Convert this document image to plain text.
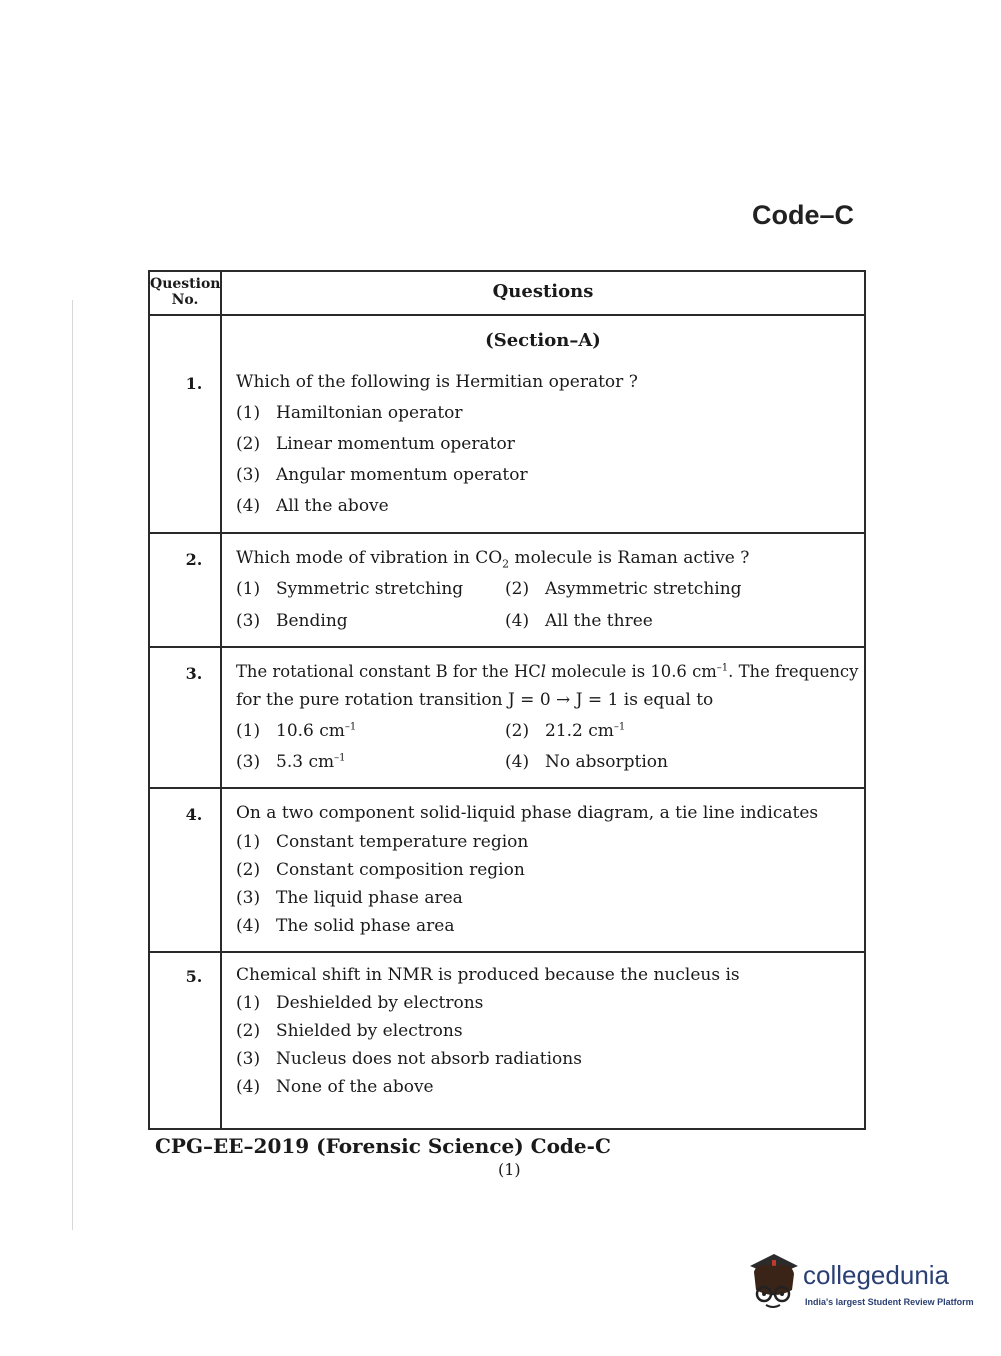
Code–C
Question No.	Questions
(Section–A)
1.	Which of the following is Hermitian operator ?
(1) Hamiltonian operator
(2) Linear momentum operator
(3) Angular momentum operator
(4) All the above
2.	Which mode of vibration in $CO_2$ molecule is Raman active ?
(1) Symmetric stretching (2) Asymmetric stretching
(3) Bending	(4) All the three
3.	The rotational constant B for the HCl molecule is 10.6 $cm^{-1}$. The frequency
for the pure rotation transition J = 0 → J = 1 is equal to
(1) 10.6 $cm^{-1}$	(2) 21.2 $cm^{-1}$
(3) 5.3 $cm^{-1}$	(4) No absorption
4.	On a two component solid-liquid phase diagram, a tie line indicates
(1) Constant temperature region
(2) Constant composition region
(3) The liquid phase area
(4) The solid phase area
5.	Chemical shift in NMR is produced because the nucleus is
(1) Deshielded by electrons
(2) Shielded by electrons
(3) Nucleus does not absorb radiations
(4) None of the above
CPG–EE–2019 (Forensic Science) Code-C
(1)
collegedunia
India's largest Student Review Platform
